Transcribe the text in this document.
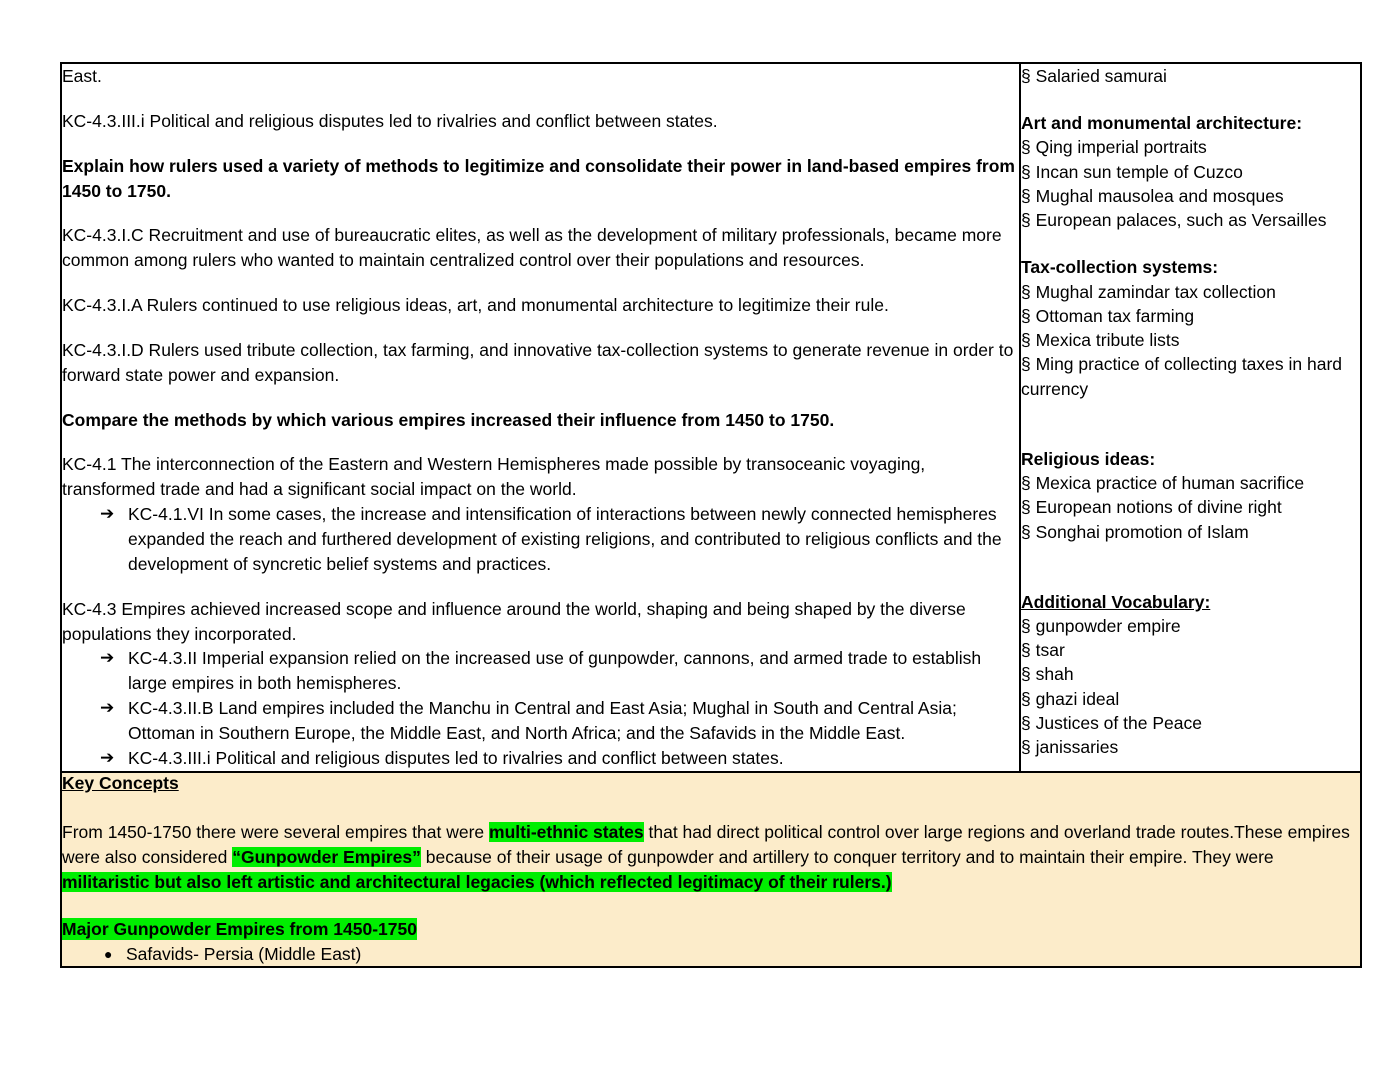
East.

KC-4.3.III.i Political and religious disputes led to rivalries and conflict between states.

Explain how rulers used a variety of methods to legitimize and consolidate their power in land-based empires from 1450 to 1750.

KC-4.3.I.C Recruitment and use of bureaucratic elites, as well as the development of military professionals, became more common among rulers who wanted to maintain centralized control over their populations and resources.

KC-4.3.I.A Rulers continued to use religious ideas, art, and monumental architecture to legitimize their rule.

KC-4.3.I.D Rulers used tribute collection, tax farming, and innovative tax-collection systems to generate revenue in order to forward state power and expansion.

Compare the methods by which various empires increased their influence from 1450 to 1750.

KC-4.1 The interconnection of the Eastern and Western Hemispheres made possible by transoceanic voyaging, transformed trade and had a significant social impact on the world.

➔ KC-4.1.VI In some cases, the increase and intensification of interactions between newly connected hemispheres expanded the reach and furthered development of existing religions, and contributed to religious conflicts and the development of syncretic belief systems and practices.

KC-4.3 Empires achieved increased scope and influence around the world, shaping and being shaped by the diverse populations they incorporated.

➔ KC-4.3.II Imperial expansion relied on the increased use of gunpowder, cannons, and armed trade to establish large empires in both hemispheres.
➔ KC-4.3.II.B Land empires included the Manchu in Central and East Asia; Mughal in South and Central Asia; Ottoman in Southern Europe, the Middle East, and North Africa; and the Safavids in the Middle East.
➔ KC-4.3.III.i Political and religious disputes led to rivalries and conflict between states.

§ Salaried samurai
Art and monumental architecture:
§ Qing imperial portraits
§ Incan sun temple of Cuzco
§ Mughal mausolea and mosques
§ European palaces, such as Versailles
Tax-collection systems:
§ Mughal zamindar tax collection
§ Ottoman tax farming
§ Mexica tribute lists
§ Ming practice of collecting taxes in hard currency
Religious ideas:
§ Mexica practice of human sacrifice
§ European notions of divine right
§ Songhai promotion of Islam
Additional Vocabulary:
§ gunpowder empire
§ tsar
§ shah
§ ghazi ideal
§ Justices of the Peace
§ janissaries

Key Concepts

From 1450-1750 there were several empires that were multi-ethnic states that had direct political control over large regions and overland trade routes.These empires were also considered “Gunpowder Empires” because of their usage of gunpowder and artillery to conquer territory and to maintain their empire. They were militaristic but also left artistic and architectural legacies (which reflected legitimacy of their rulers.)

Major Gunpowder Empires from 1450-1750
● Safavids- Persia (Middle East)
